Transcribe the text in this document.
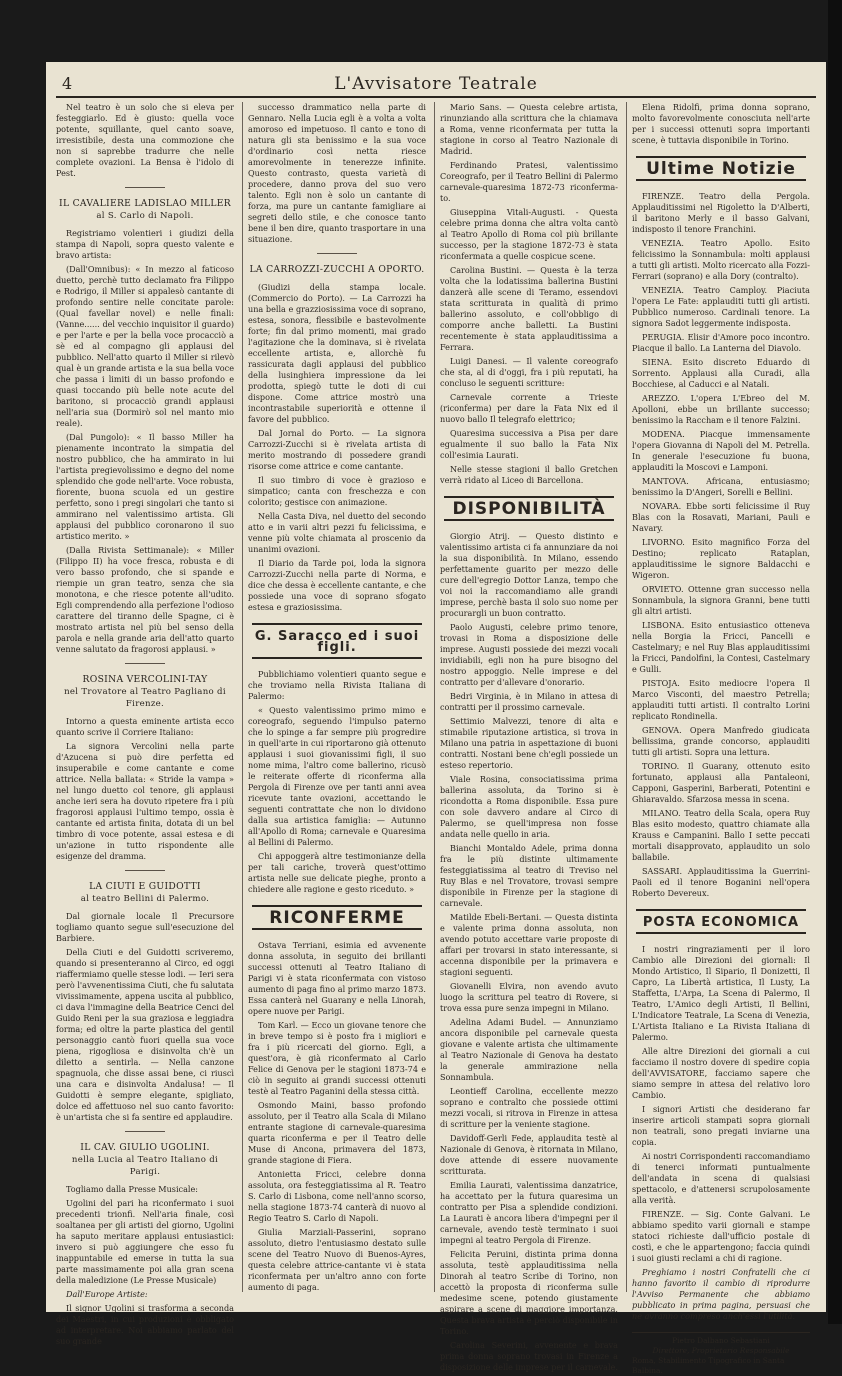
4	L'Avvisatore Teatrale

Nel teatro è un solo che si eleva per festeggiarlo. Ed è giusto: quella voce potente, squillante, quel canto soave, irresistibile, desta una commozione che non si saprebbe tradurre che nelle complete ovazioni. La Bensa è l'idolo di Pest.

IL CAVALIERE LADISLAO MILLER
al S. Carlo di Napoli.

Registriamo volentieri i giudizi della stampa di Napoli, sopra questo valente e bravo artista:

(Dall'Omnibus): « In mezzo al faticoso duetto, perchè tutto declamato fra Filippo e Rodrigo, il Miller si appalesò cantante di profondo sentire nelle concitate parole: (Qual favellar novel) e nelle finali: (Vanne...... del vecchio inquisitor il guardo) e per l'arte e per la bella voce procacciò a sè ed al compagno gli applausi del pubblico. Nell'atto quarto il Miller si rilevò qual è un grande artista e la sua bella voce che passa i limiti di un basso profondo e quasi toccando più belle note acute del baritono, si procacciò grandi applausi nell'aria sua (Dormirò sol nel manto mio reale).

(Dal Pungolo): « Il basso Miller ha pienamente incontrato la simpatia del nostro pubblico, che ha ammirato in lui l'artista pregievolissimo e degno del nome splendido che gode nell'arte. Voce robusta, fiorente, buona scuola ed un gestire perfetto, sono i pregi singolari che tanto si ammirano nel valentissimo artista. Gli applausi del pubblico coronarono il suo artistico merito. »

(Dalla Rivista Settimanale): « Miller (Filippo II) ha voce fresca, robusta e di vero basso profondo, che si spande e riempie un gran teatro, senza che sia monotona, e che riesce potente all'udito. Egli comprendendo alla perfezione l'odioso carattere del tiranno delle Spagne, ci è mostrato artista nel più bel senso della parola e nella grande aria dell'atto quarto venne salutato da fragorosi applausi. »

ROSINA VERCOLINI-TAY
nel Trovatore al Teatro Pagliano di Firenze.

Intorno a questa eminente artista ecco quanto scrive il Corriere Italiano:

La signora Vercolini nella parte d'Azucena si può dire perfetta ed insuperabile e come cantante e come attrice. Nella ballata: « Stride la vampa » nel lungo duetto col tenore, gli applausi anche ieri sera ha dovuto ripetere fra i più fragorosi applausi l'ultimo tempo, ossia è cantante ed artista finita, dotata di un bel timbro di voce potente, assai estesa e di un'azione in tutto rispondente alle esigenze del dramma.

LA CIUTI E GUIDOTTI
al teatro Bellini di Palermo.

Dal giornale locale Il Precursore togliamo quanto segue sull'esecuzione del Barbiere.

Della Ciuti e del Guidotti scriveremo, quando si presenteranno al Circo, ed oggi riaffermiamo quelle stesse lodi. — Ieri sera però l'avvenentissima Ciuti, che fu salutata vivissimamente, appena uscita al pubblico, ci dava l'immagine della Beatrice Cenci del Guido Reni per la sua graziosa e leggiadra forma; ed oltre la parte plastica del gentil personaggio cantò fuori quella sua voce piena, rigogliosa e disinvolta ch'è un diletto a sentirla. — Nella canzone spagnuola, che disse assai bene, ci riuscì una cara e disinvolta Andalusa! — Il Guidotti è sempre elegante, spigliato, dolce ed affettuoso nel suo canto favorito: è un'artista che si fa sentire ed applaudire.

IL CAV. GIULIO UGOLINI.
nella Lucia al Teatro Italiano di Parigi.

Togliamo dalla Presse Musicale:

Ugolini del pari ha riconfermato i suoi precedenti trionfi. Nell'aria finale, così soaltanea per gli artisti del giorno, Ugolini ha saputo meritare applausi entusiastici: invero si può aggiungere che esso fu inappuntabile ed emerse in tutta la sua parte massimamente poi alla gran scena della maledizione (Le Presse Musicale)

Dall'Europe Artiste:

Il signor Ugolini si trasforma a seconda dei Maestri, in cui produzioni è obbligato ad interpretare. Noi abbiamo parlato del suo grande

successo drammatico nella parte di Gennaro. Nella Lucia egli è a volta a volta amoroso ed impetuoso. Il canto e tono di natura gli sta benissimo e la sua voce d'ordinario così netta riesce amorevolmente in tenerezze infinite. Questo contrasto, questa varietà di procedere, danno prova del suo vero talento. Egli non è solo un cantante di forza, ma pure un cantante famigliare ai segreti dello stile, e che conosce tanto bene il ben dire, quanto trasportare in una situazione.

LA CARROZZI-ZUCCHI A OPORTO.

(Giudizi della stampa locale. (Commercio do Porto). — La Carrozzi ha una bella e grazziosissima voce di soprano, estesa, sonora, flessibile e bastevolmente forte; fin dal primo momenti, mai grado l'agitazione che la dominava, si è rivelata eccellente artista, e, allorchè fu rassicurata dagli applausi del pubblico della lusinghiera impressione da lei prodotta, spiegò tutte le doti di cui dispone. Come attrice mostrò una incontrastabile superiorità e ottenne il favore del pubblico.

Dal Jornal do Porto. — La signora Carrozzi-Zucchi si è rivelata artista di merito mostrando di possedere grandi risorse come attrice e come cantante.

Il suo timbro di voce è grazioso e simpatico; canta con freschezza e con colorito; gestisce con animazione.

Nella Casta Diva, nel duetto del secondo atto e in varii altri pezzi fu felicissima, e venne più volte chiamata al proscenio da unanimi ovazioni.

Il Diario da Tarde poi, loda la signora Carrozzi-Zucchi nella parte di Norma, e dice che dessa è eccellente cantante, e che possiede una voce di soprano sfogato estesa e graziosissima.

G. Saracco ed i suoi figli.

Pubblichiamo volentieri quanto segue e che troviamo nella Rivista Italiana di Palermo:

« Questo valentissimo primo mimo e coreografo, seguendo l'impulso paterno che lo spinge a far sempre più progredire in quell'arte in cui riportarono già ottenuto applausi i suoi giovanissimi figli, il suo nome mima, l'altro come ballerino, ricusò le reiterate offerte di riconferma alla Pergola di Firenze ove per tanti anni avea ricevute tante ovazioni, accettando le seguenti contrattate che non lo dividono dalla sua artistica famiglia: — Autunno all'Apollo di Roma; carnevale e Quaresima al Bellini di Palermo.

Chi appoggerà altre testimonianze della per tali cariche, troverà quest'ottimo artista nelle sue delicate pieghe, pronto a chiedere alle ragione e gesto riceduto. »

RICONFERME

Ostava Terriani, esimia ed avvenente donna assoluta, in seguito dei brillanti successi ottenuti al Teatro Italiano di Parigi vi è stata riconfermata con vistoso aumento di paga fino al primo marzo 1873. Essa canterà nel Guarany e nella Linorah, opere nuove per Parigi.

Tom Karl. — Ecco un giovane tenore che in breve tempo si è posto fra i migliori e fra i più ricercati del giorno. Egli, a quest'ora, è già riconfermato al Carlo Felice di Genova per le stagioni 1873-74 e ciò in seguito ai grandi successi ottenuti testè al Teatro Paganini della stessa città.

Osmondo Maini, basso profondo assoluto, per il Teatro alla Scala di Milano entrante stagione di carnevale-quaresima quarta riconferma e per il Teatro delle Muse di Ancona, primavera del 1873, grande stagione di Fiera.

Antonietta Fricci, celebre donna assoluta, ora festeggiatissima al R. Teatro S. Carlo di Lisbona, come nell'anno scorso, nella stagione 1873-74 canterà di nuovo al Regio Teatro S. Carlo di Napoli.

Giulia Marziali-Passerini, soprano assoluto, dietro l'entusiasmo destato sulle scene del Teatro Nuovo di Buenos-Ayres, questa celebre attrice-cantante vi è stata riconfermata per un'altro anno con forte aumento di paga.

Mario Sans. — Questa celebre artista, rinunziando alla scrittura che la chiamava a Roma, venne riconfermata per tutta la stagione in corso al Teatro Nazionale di Madrid.

Ferdinando Pratesi, valentissimo Coreografo, per il Teatro Bellini di Palermo carnevale-quaresima 1872-73 riconferma-to.

Giuseppina Vitali-Augusti. - Questa celebre prima donna che altra volta cantò al Teatro Apollo di Roma col più brillante successo, per la stagione 1872-73 è stata riconfermata a quelle cospicue scene.

Carolina Bustini. — Questa è la terza volta che la lodatissima ballerina Bustini danzerà alle scene di Teramo, essendovi stata scritturata in qualità di primo ballerino assoluto, e coll'obbligo di comporre anche balletti. La Bustini recentemente è stata applauditissima a Ferrara.

Luigi Danesi. — Il valente coreografo che sta, al di d'oggi, fra i più reputati, ha concluso le seguenti scritture:

Carnevale corrente a Trieste (riconferma) per dare la Fata Nix ed il nuovo ballo Il telegrafo elettrico;

Quaresima successiva a Pisa per dare egualmente il suo ballo la Fata Nix coll'esimia Laurati.

Nelle stesse stagioni il ballo Gretchen verrà ridato al Liceo di Barcellona.

DISPONIBILITÀ

Giorgio Atrij. — Questo distinto e valentissimo artista ci fa annunziare da noi la sua disponibilità. In Milano, essendo perfettamente guarito per mezzo delle cure dell'egregio Dottor Lanza, tempo che voi noi la raccomandiamo alle grandi imprese, perchè basta il solo suo nome per procurargli un buon contratto.

Paolo Augusti, celebre primo tenore, trovasi in Roma a disposizione delle imprese. Augusti possiede dei mezzi vocali invidiabili, egli non ha pure bisogno del nostro appoggio. Nelle imprese e del contratto per d'allevare d'onorario.

Bedri Virginia, è in Milano in attesa di contratti per il prossimo carnevale.

Settimio Malvezzi, tenore di alta e stimabile riputazione artistica, si trova in Milano una patria in aspettazione di buoni contratti. Nostani bene ch'egli possiede un esteso repertorio.

Viale Rosina, consociatissima prima ballerina assoluta, da Torino si è ricondotta a Roma disponibile. Essa pure con sole davvero andare al Circo di Palermo, se quell'impresa non fosse andata nelle quello in aria.

Bianchi Montaldo Adele, prima donna fra le più distinte ultimamente festeggiatissima al teatro di Treviso nel Ruy Blas e nel Trovatore, trovasi sempre disponibile in Firenze per la stagione di carnevale.

Matilde Ebeli-Bertani. — Questa distinta e valente prima donna assoluta, non avendo potuto accettare varie proposte di affari per trovarsi in stato interessante, si accenna disponibile per la primavera e stagioni seguenti.

Giovanelli Elvira, non avendo avuto luogo la scrittura pel teatro di Rovere, si trova essa pure senza impegni in Milano.

Adelina Adami Budel. — Annunziamo ancora disponibile pel carnevale questa giovane e valente artista che ultimamente al Teatro Nazionale di Genova ha destato la generale ammirazione nella Sonnambula.

Leontieff Carolina, eccellente mezzo soprano e contralto che possiede ottimi mezzi vocali, si ritrova in Firenze in attesa di scritture per la veniente stagione.

Davidoff-Gerli Fede, applaudita testè al Nazionale di Genova, è ritornata in Milano, dove attende di essere nuovamente scritturata.

Emilia Laurati, valentissima danzatrice, ha accettato per la futura quaresima un contratto per Pisa a splendide condizioni. La Laurati è ancora libera d'impegni per il carnevale, avendo testè terminato i suoi impegni al teatro Pergola di Firenze.

Felicita Peruini, distinta prima donna assoluta, testè applauditissima nella Dinorah al teatro Scribe di Torino, non accettò la proposta di riconferma sulle medesime scene, potendo giustamente aspirare a scene di maggiore importanza. Questa brava artista è perciò disponibile in Torino.

Carolina Severini, avvenente e brava prima donna soprano trovasi in Firenze a disposizione delle imprese per il carnevale.

Elena Ridolfi, prima donna soprano, molto favorevolmente conosciuta nell'arte per i successi ottenuti sopra importanti scene, è tuttavia disponibile in Torino.

Ultime Notizie

FIRENZE. Teatro della Pergola. Applauditissimi nel Rigoletto la D'Alberti, il baritono Merly e il basso Galvani, indisposto il tenore Franchini.

VENEZIA. Teatro Apollo. Esito felicissimo la Sonnambula: molti applausi a tutti gli artisti. Molto ricercato alla Fozzi-Ferrari (soprano) e alla Dory (contralto).

VENEZIA. Teatro Camploy. Piaciuta l'opera Le Fate: applauditi tutti gli artisti. Pubblico numeroso. Cardinali tenore. La signora Sadot leggermente indisposta.

PERUGIA. Elisir d'Amore poco incontro. Piacque il ballo. La Lanterna del Diavolo.

SIENA. Esito discreto Eduardo di Sorrento. Applausi alla Curadi, alla Bocchiese, al Caducci e al Natali.

AREZZO. L'opera L'Ebreo del M. Apolloni, ebbe un brillante successo; benissimo la Raccham e il tenore Falzini.

MODENA. Piacque immensamente l'opera Giovanna di Napoli del M. Petrella. In generale l'esecuzione fu buona, applauditi la Moscovi e Lamponi.

MANTOVA. Africana, entusiasmo; benissimo la D'Angeri, Sorelli e Bellini.

NOVARA. Ebbe sorti felicissime il Ruy Blas con la Rosavati, Mariani, Pauli e Navary.

LIVORNO. Esito magnifico Forza del Destino; replicato Rataplan, applauditissime le signore Baldacchi e Wigeron.

ORVIETO. Ottenne gran successo nella Sonnambula, la signora Granni, bene tutti gli altri artisti.

LISBONA. Esito entusiastico otteneva nella Borgia la Fricci, Pancelli e Castelmary; e nel Ruy Blas applauditissimi la Fricci, Pandolfini, la Contesi, Castelmary e Gulli.

PISTOJA. Esito mediocre l'opera Il Marco Visconti, del maestro Petrella; applauditi tutti artisti. Il contralto Lorini replicato Rondinella.

GENOVA. Opera Manfredo giudicata bellissima, grande concorso, applauditi tutti gli artisti. Sopra una lettura.

TORINO. Il Guarany, ottenuto esito fortunato, applausi alla Pantaleoni, Capponi, Gasperini, Barberati, Potentini e Ghiaravaldo. Sfarzosa messa in scena.

MILANO. Teatro della Scala, opera Ruy Blas esito modesto, quattro chiamate alla Krauss e Campanini. Ballo I sette peccati mortali disapprovato, applaudito un solo ballabile.

SASSARI. Applauditissima la Guerrini-Paoli ed il tenore Boganini nell'opera Roberto Devereux.

POSTA ECONOMICA

I nostri ringraziamenti per il loro Cambio alle Direzioni dei giornali: Il Mondo Artistico, Il Sipario, Il Donizetti, Il Capro, La Libertà artistica, Il Lusty, La Staffetta, L'Arpa, La Scena di Palermo, Il Teatro, L'Amico degli Artisti, Il Bellini, L'Indicatore Teatrale, La Scena di Venezia, L'Artista Italiano e La Rivista Italiana di Palermo.

Alle altre Direzioni dei giornali a cui facciamo il nostro dovere di spedire copia dell'AVVISATORE, facciamo sapere che siamo sempre in attesa del relativo loro Cambio.

I signori Artisti che desiderano far inserire articoli stampati sopra giornali non teatrali, sono pregati inviarne una copia.

Ai nostri Corrispondenti raccomandiamo di tenerci informati puntualmente dell'andata in scena di qualsiasi spettacolo, e d'attenersi scrupolosamente alla verità.

FIRENZE. — Sig. Conte Galvani. Le abbiamo spedito varii giornali e stampe statoci richieste dall'ufficio postale di costì, e che le appartengono; faccia quindi i suoi giusti reclami a chi di ragione.

Preghiamo i nostri Confratelli che ci hanno favorito il cambio di riprodurre l'Avviso Permanente che abbiamo pubblicato in prima pagina, persuasi che ne avranno compreso anch'essi l'utilità.

Pietro Dalbano Sebastiani
Direttore, Proprietario Responsabile
Roma, Stabilimento Tipografico in Santa Balbina.
